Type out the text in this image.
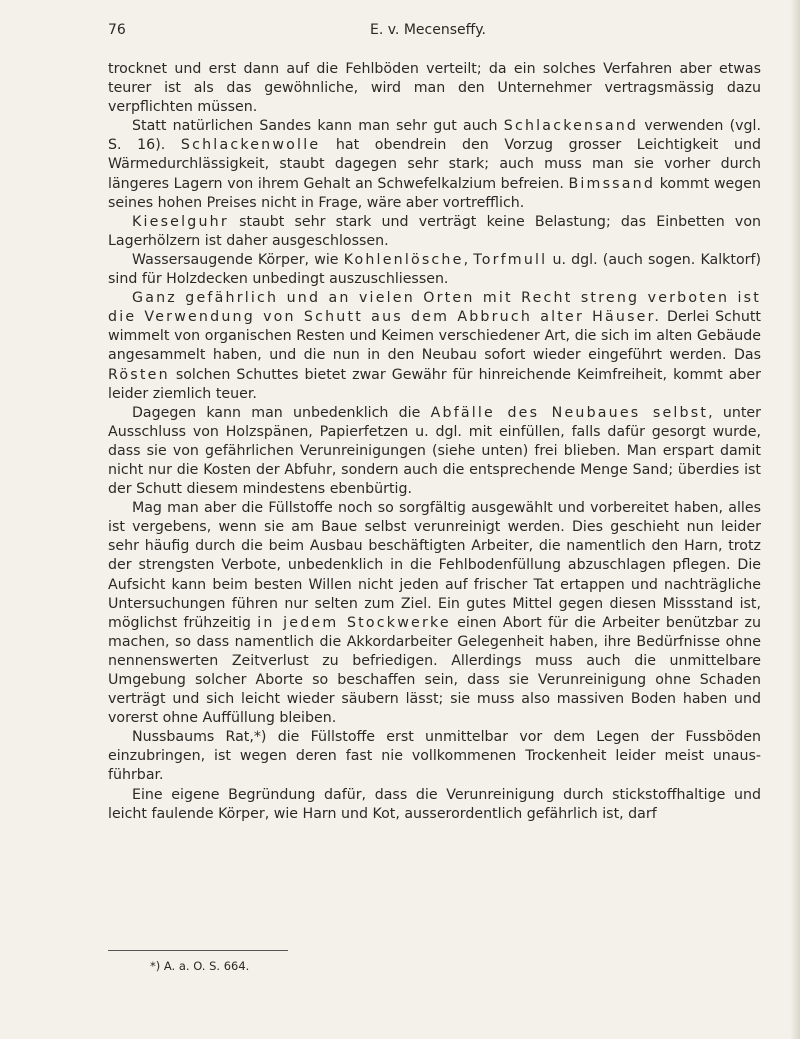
76	E. v. Mecenseffy.

trocknet und erst dann auf die Fehlböden verteilt; da ein solches Verfahren aber etwas teurer ist als das gewöhnliche, wird man den Unternehmer vertragsmässig dazu verpflichten müssen.

Statt natürlichen Sandes kann man sehr gut auch Schlackensand verwenden (vgl. S. 16). Schlackenwolle hat obendrein den Vorzug grosser Leichtigkeit und Wärmedurchlässigkeit, staubt dagegen sehr stark; auch muss man sie vorher durch längeres Lagern von ihrem Gehalt an Schwefelkalzium befreien. Bimssand kommt wegen seines hohen Preises nicht in Frage, wäre aber vortrefflich.

Kieselguhr staubt sehr stark und verträgt keine Belastung; das Einbetten von Lagerhölzern ist daher ausgeschlossen.

Wassersaugende Körper, wie Kohlenlösche, Torfmull u. dgl. (auch sogen. Kalktorf) sind für Holzdecken unbedingt auszuschliessen.

Ganz gefährlich und an vielen Orten mit Recht streng verboten ist die Verwendung von Schutt aus dem Abbruch alter Häuser. Derlei Schutt wimmelt von organischen Resten und Keimen verschiedener Art, die sich im alten Gebäude angesammelt haben, und die nun in den Neubau sofort wieder eingeführt werden. Das Rösten solchen Schuttes bietet zwar Gewähr für hinreichende Keimfreiheit, kommt aber leider ziemlich teuer.

Dagegen kann man unbedenklich die Abfälle des Neubaues selbst, unter Ausschluss von Holzspänen, Papierfetzen u. dgl. mit einfüllen, falls dafür gesorgt wurde, dass sie von gefährlichen Verunreinigungen (siehe unten) frei blieben. Man erspart damit nicht nur die Kosten der Abfuhr, sondern auch die entsprechende Menge Sand; überdies ist der Schutt diesem mindestens ebenbürtig.

Mag man aber die Füllstoffe noch so sorgfältig ausgewählt und vorbereitet haben, alles ist vergebens, wenn sie am Baue selbst verunreinigt werden. Dies geschieht nun leider sehr häufig durch die beim Ausbau beschäftigten Arbeiter, die namentlich den Harn, trotz der strengsten Verbote, unbedenklich in die Fehlbodenfüllung abzuschlagen pflegen. Die Aufsicht kann beim besten Willen nicht jeden auf frischer Tat ertappen und nachträgliche Untersuchungen führen nur selten zum Ziel. Ein gutes Mittel gegen diesen Missstand ist, möglichst frühzeitig in jedem Stockwerke einen Abort für die Arbeiter benützbar zu machen, so dass namentlich die Akkordarbeiter Gelegenheit haben, ihre Bedürfnisse ohne nennenswerten Zeitverlust zu befriedigen. Allerdings muss auch die unmittelbare Umgebung solcher Aborte so beschaffen sein, dass sie Verunreinigung ohne Schaden verträgt und sich leicht wieder säubern lässt; sie muss also massiven Boden haben und vorerst ohne Auffüllung bleiben.

Nussbaums Rat,*) die Füllstoffe erst unmittelbar vor dem Legen der Fussböden einzubringen, ist wegen deren fast nie vollkommenen Trockenheit leider meist unausführbar.

Eine eigene Begründung dafür, dass die Verunreinigung durch stickstoffhaltige und leicht faulende Körper, wie Harn und Kot, ausserordentlich gefährlich ist, darf

*) A. a. O. S. 664.
